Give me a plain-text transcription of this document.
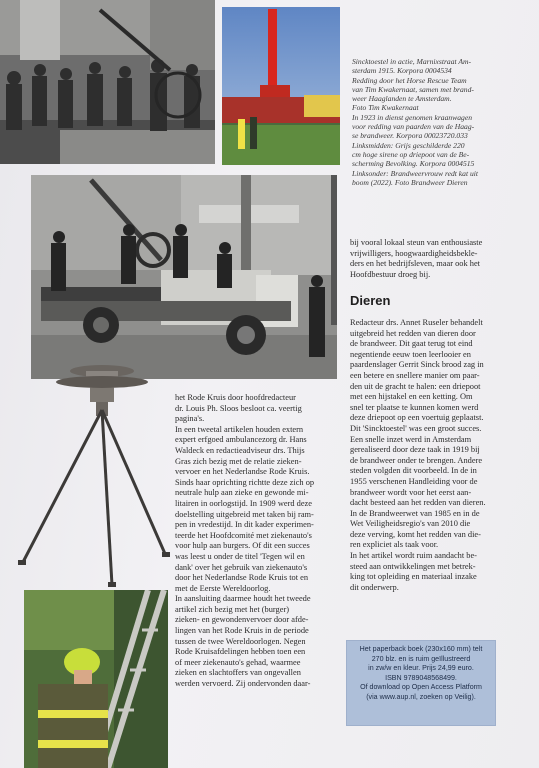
Sincktoestel in actie, Marnixstraat Am-
sterdam 1915. Korpora 0004534
Redding door het Horse Rescue Team
van Tim Kwakernaat, samen met brand-
weer Haaglanden te Amsterdam.
Foto Tim Kwakernaat
In 1923 in dienst genomen kraanwagen
voor redding van paarden van de Haag-
se brandweer. Korpora 00023720.033
Linksmidden: Grijs geschilderde 220
cm hoge sirene op driepoot van de Be-
scherming Bevolking. Korpora 0004515
Linksonder: Brandweervrouw redt kat uit
boom (2022). Foto Brandweer Dieren
bij vooral lokaal steun van enthousiaste
vrijwilligers, hoogwaardigheidsbekle-
ders en het bedrijfsleven, maar ook het
Hoofdbestuur droeg bij.
Dieren
Redacteur drs. Annet Ruseler behandelt
uitgebreid het redden van dieren door
de brandweer. Dit gaat terug tot eind
negentiende eeuw toen leerlooier en
paardenslager Gerrit Sinck brood zag in
een betere en snellere manier om paar-
den uit de gracht te halen: een driepoot
met een hijstakel en een ketting. Om
snel ter plaatse te kunnen komen werd
deze driepoot op een voertuig geplaatst.
Dit 'Sincktoestel' was een groot succes.
Een snelle inzet werd in Amsterdam
gerealiseerd door deze taak in 1919 bij
de brandweer onder te brengen. Andere
steden volgden dit voorbeeld. In de in
1955 verschenen Handleiding voor de
brandweer wordt voor het eerst aan-
dacht besteed aan het redden van dieren.
In de Brandweerwet van 1985 en in de
Wet Veiligheidsregio's van 2010 die
deze verving, komt het redden van die-
ren expliciet als taak voor.
In het artikel wordt ruim aandacht be-
steed aan ontwikkelingen met betrek-
king tot opleiding en materiaal inzake
dit onderwerp.
het Rode Kruis door hoofdredacteur
dr. Louis Ph. Sloos besloot ca. veertig
pagina's.
In een tweetal artikelen houden extern
expert erfgoed ambulancezorg dr. Hans
Waldeck en redactieadviseur drs. Thijs
Gras zich bezig met de relatie zieken-
vervoer en het Nederlandse Rode Kruis.
Sinds haar oprichting richtte deze zich op
neutrale hulp aan zieke en gewonde mi-
litairen in oorlogstijd. In 1909 werd deze
doelstelling uitgebreid met taken bij ram-
pen in vredestijd. In dit kader experimen-
teerde het Hoofdcomité met ziekenauto's
voor hulp aan burgers. Of dit een succes
was leest u onder de titel 'Tegen wil en
dank' over het gebruik van ziekenauto's
door het Nederlandse Rode Kruis tot en
met de Eerste Wereldoorlog.
In aansluiting daarmee houdt het tweede
artikel zich bezig met het (burger)
zieken- en gewondenvervoer door afde-
lingen van het Rode Kruis in de periode
tussen de twee Wereldoorlogen. Negen
Rode Kruisafdelingen hebben toen een
of meer ziekenauto's gehad, waarmee
zieken en slachtoffers van ongevallen
werden vervoerd. Zij ondervonden daar-
Het paperback boek (230x160 mm) telt
270 blz. en is ruim geïllustreerd
in zw/w en kleur. Prijs 24,99 euro.
ISBN 9789048568499.
Of download op Open Access Platform
(via www.aup.nl, zoeken op Veilig).
